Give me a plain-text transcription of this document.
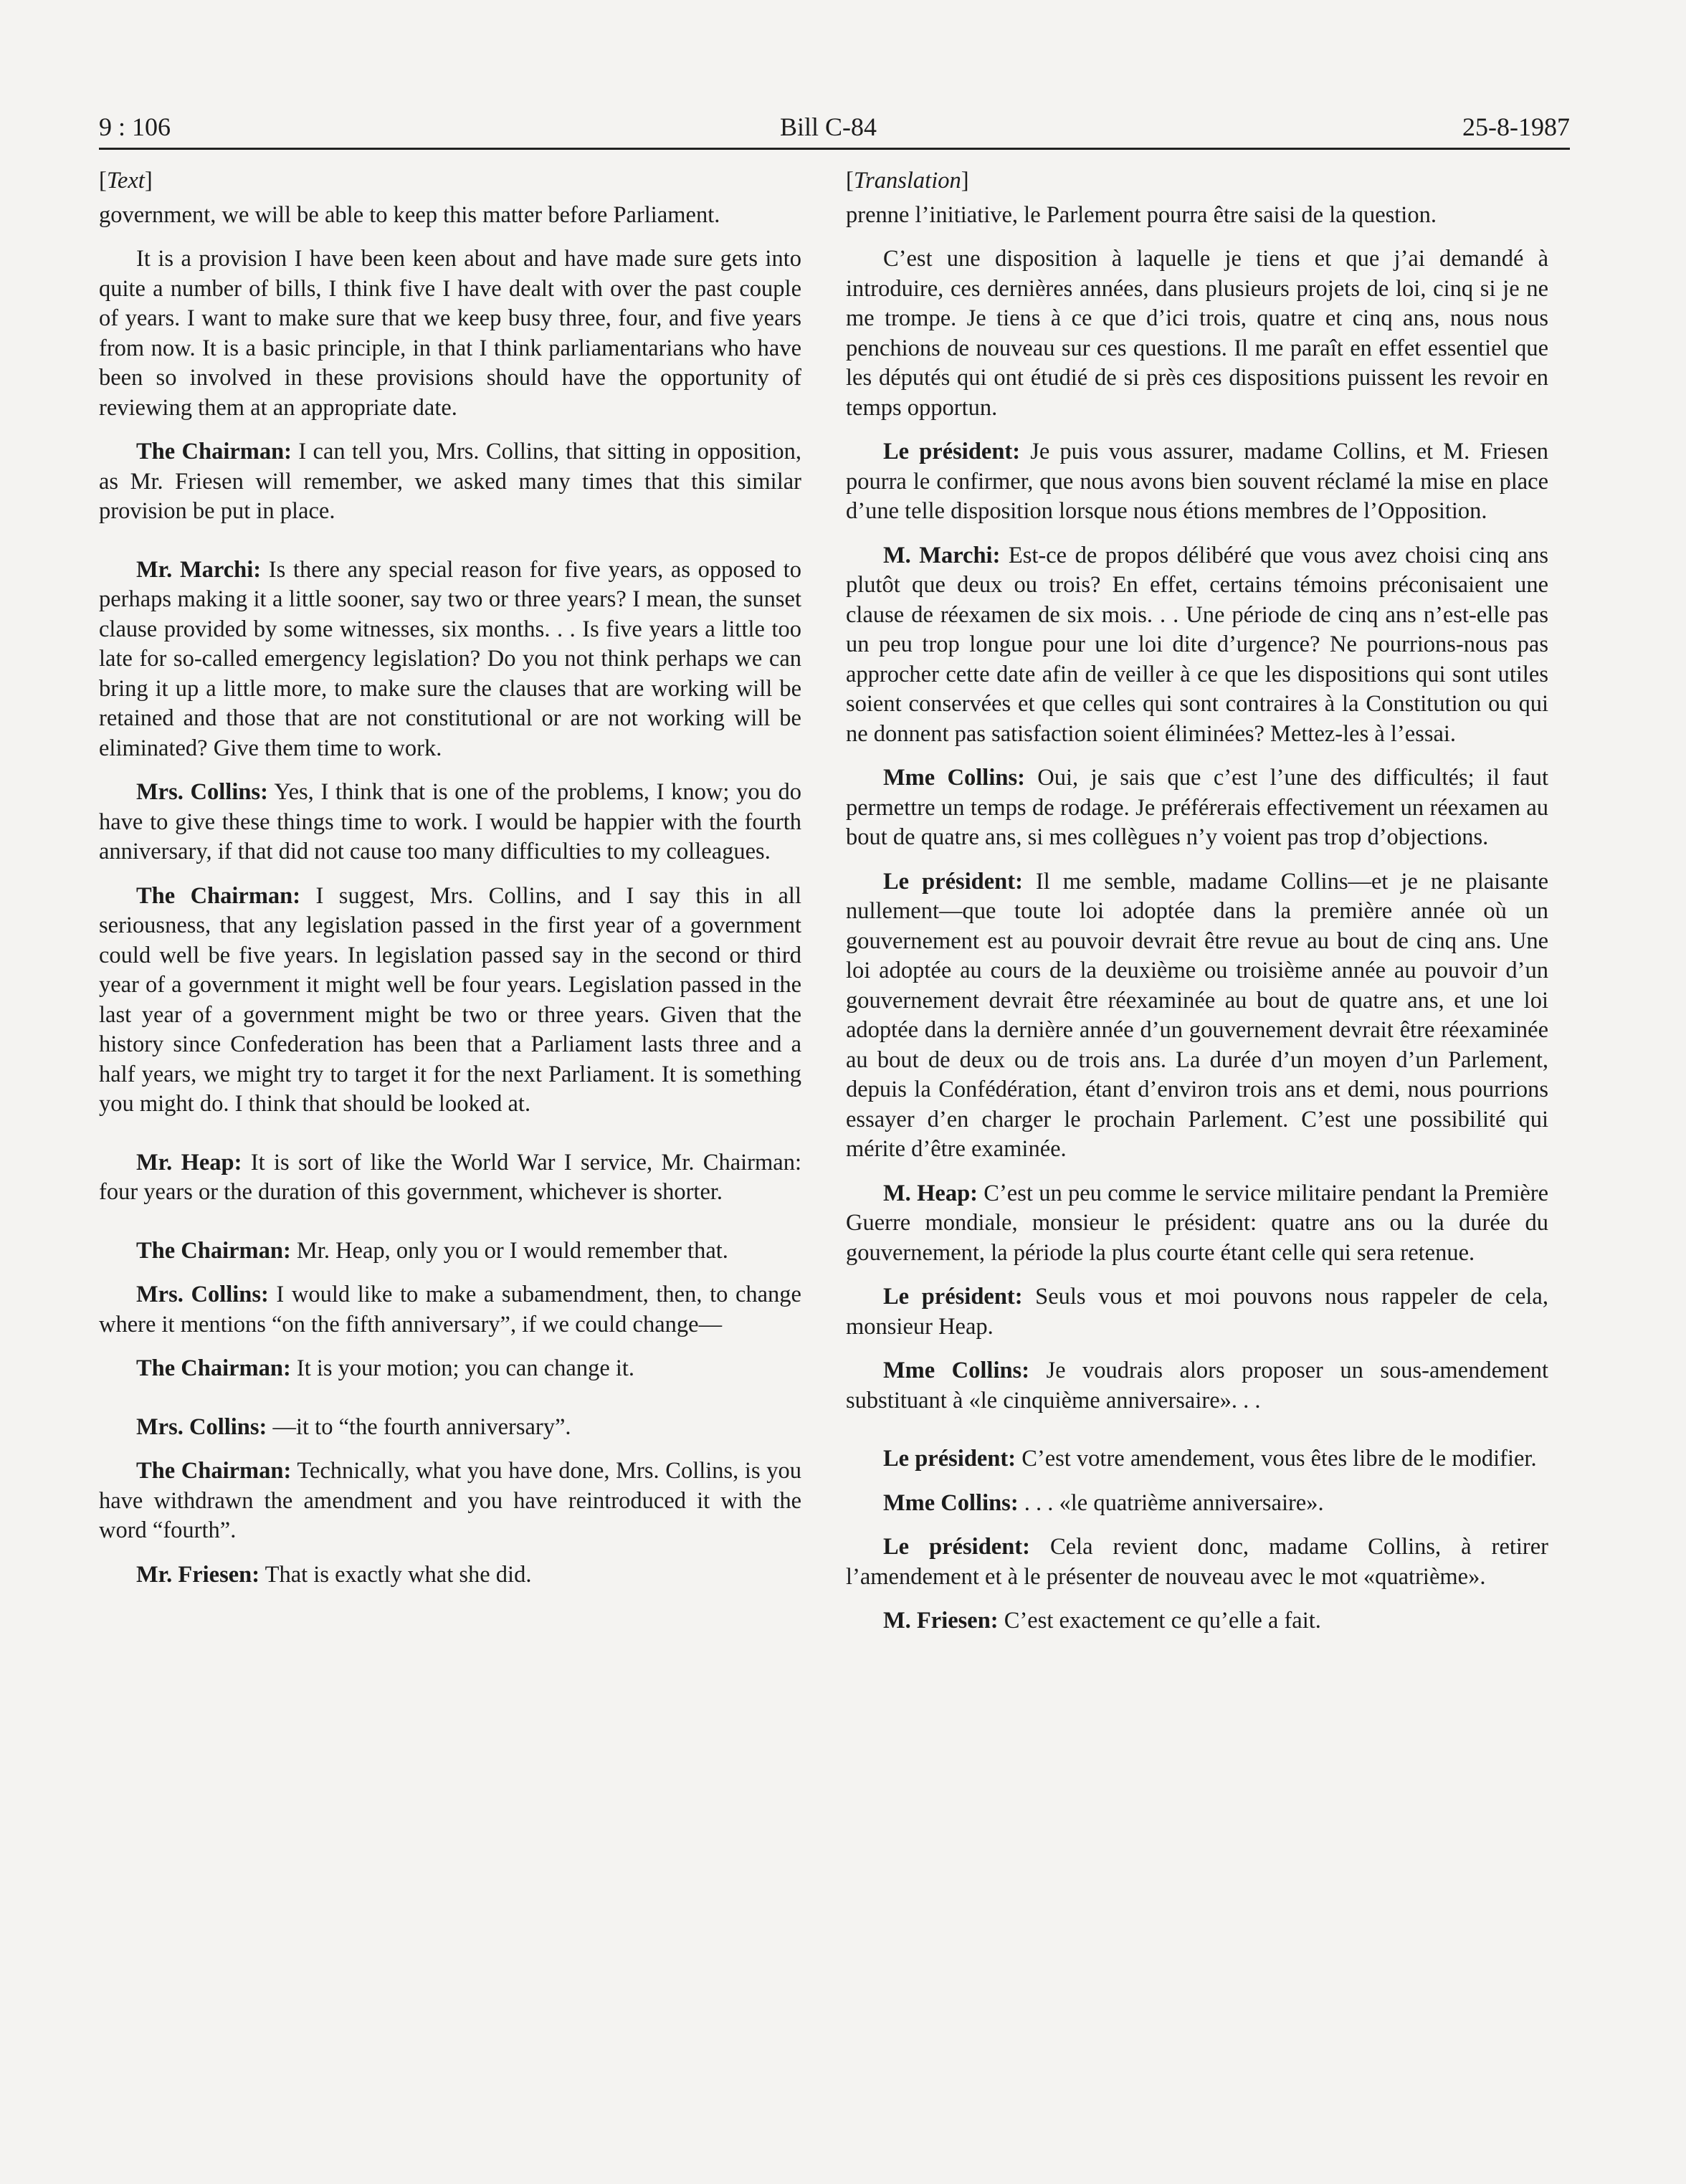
9 : 106	Bill C-84	25-8-1987
[ Text ]

government, we will be able to keep this matter before Parliament.

It is a provision I have been keen about and have made sure gets into quite a number of bills, I think five I have dealt with over the past couple of years. I want to make sure that we keep busy three, four, and five years from now. It is a basic principle, in that I think parliamentarians who have been so involved in these provisions should have the opportunity of reviewing them at an appropriate date.

The Chairman: I can tell you, Mrs. Collins, that sitting in opposition, as Mr. Friesen will remember, we asked many times that this similar provision be put in place.

Mr. Marchi: Is there any special reason for five years, as opposed to perhaps making it a little sooner, say two or three years? I mean, the sunset clause provided by some witnesses, six months. . . Is five years a little too late for so-called emergency legislation? Do you not think perhaps we can bring it up a little more, to make sure the clauses that are working will be retained and those that are not constitutional or are not working will be eliminated? Give them time to work.

Mrs. Collins: Yes, I think that is one of the problems, I know; you do have to give these things time to work. I would be happier with the fourth anniversary, if that did not cause too many difficulties to my colleagues.

The Chairman: I suggest, Mrs. Collins, and I say this in all seriousness, that any legislation passed in the first year of a government could well be five years. In legislation passed say in the second or third year of a government it might well be four years. Legislation passed in the last year of a government might be two or three years. Given that the history since Confederation has been that a Parliament lasts three and a half years, we might try to target it for the next Parliament. It is something you might do. I think that should be looked at.

Mr. Heap: It is sort of like the World War I service, Mr. Chairman: four years or the duration of this government, whichever is shorter.

The Chairman: Mr. Heap, only you or I would remember that.

Mrs. Collins: I would like to make a subamendment, then, to change where it mentions “on the fifth anniversary”, if we could change—

The Chairman: It is your motion; you can change it.

Mrs. Collins: —it to “the fourth anniversary”.

The Chairman: Technically, what you have done, Mrs. Collins, is you have withdrawn the amendment and you have reintroduced it with the word “fourth”.

Mr. Friesen: That is exactly what she did.

[ Translation ]

prenne l’initiative, le Parlement pourra être saisi de la question.

C’est une disposition à laquelle je tiens et que j’ai demandé à introduire, ces dernières années, dans plusieurs projets de loi, cinq si je ne me trompe. Je tiens à ce que d’ici trois, quatre et cinq ans, nous nous penchions de nouveau sur ces questions. Il me paraît en effet essentiel que les députés qui ont étudié de si près ces dispositions puissent les revoir en temps opportun.

Le président: Je puis vous assurer, madame Collins, et M. Friesen pourra le confirmer, que nous avons bien souvent réclamé la mise en place d’une telle disposition lorsque nous étions membres de l’Opposition.

M. Marchi: Est-ce de propos délibéré que vous avez choisi cinq ans plutôt que deux ou trois? En effet, certains témoins préconisaient une clause de réexamen de six mois. . . Une période de cinq ans n’est-elle pas un peu trop longue pour une loi dite d’urgence? Ne pourrions-nous pas approcher cette date afin de veiller à ce que les dispositions qui sont utiles soient conservées et que celles qui sont contraires à la Constitution ou qui ne donnent pas satisfaction soient éliminées? Mettez-les à l’essai.

Mme Collins: Oui, je sais que c’est l’une des difficultés; il faut permettre un temps de rodage. Je préférerais effectivement un réexamen au bout de quatre ans, si mes collègues n’y voient pas trop d’objections.

Le président: Il me semble, madame Collins—et je ne plaisante nullement—que toute loi adoptée dans la première année où un gouvernement est au pouvoir devrait être revue au bout de cinq ans. Une loi adoptée au cours de la deuxième ou troisième année au pouvoir d’un gouvernement devrait être réexaminée au bout de quatre ans, et une loi adoptée dans la dernière année d’un gouvernement devrait être réexaminée au bout de deux ou de trois ans. La durée d’un moyen d’un Parlement, depuis la Confédération, étant d’environ trois ans et demi, nous pourrions essayer d’en charger le prochain Parlement. C’est une possibilité qui mérite d’être examinée.

M. Heap: C’est un peu comme le service militaire pendant la Première Guerre mondiale, monsieur le président: quatre ans ou la durée du gouvernement, la période la plus courte étant celle qui sera retenue.

Le président: Seuls vous et moi pouvons nous rappeler de cela, monsieur Heap.

Mme Collins: Je voudrais alors proposer un sous-amendement substituant à «le cinquième anniversaire». . .

Le président: C’est votre amendement, vous êtes libre de le modifier.

Mme Collins: . . . «le quatrième anniversaire».

Le président: Cela revient donc, madame Collins, à retirer l’amendement et à le présenter de nouveau avec le mot «quatrième».

M. Friesen: C’est exactement ce qu’elle a fait.
